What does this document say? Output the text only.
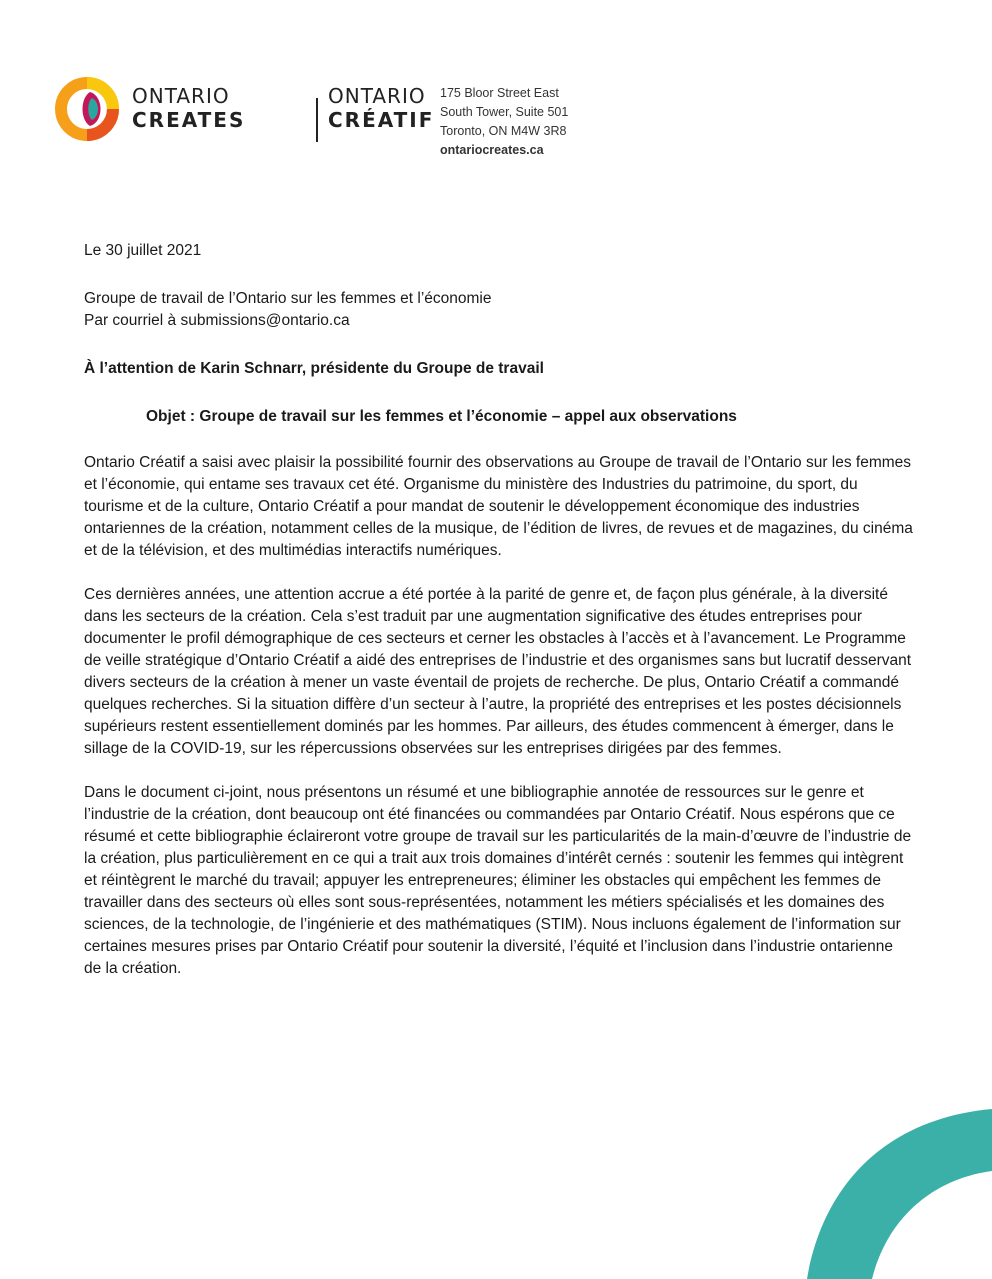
ONTARIO	ONTARIO
CREATES	CRÉATIF
175 Bloor Street East
South Tower, Suite 501
Toronto, ON M4W 3R8
ontariocreates.ca

Le 30 juillet 2021

Groupe de travail de l’Ontario sur les femmes et l’économie
Par courriel à submissions@ontario.ca

À l’attention de Karin Schnarr, présidente du Groupe de travail

Objet : Groupe de travail sur les femmes et l’économie – appel aux observations

Ontario Créatif a saisi avec plaisir la possibilité fournir des observations au Groupe de travail de l’Ontario sur les femmes et l’économie, qui entame ses travaux cet été. Organisme du ministère des Industries du patrimoine, du sport, du tourisme et de la culture, Ontario Créatif a pour mandat de soutenir le développement économique des industries ontariennes de la création, notamment celles de la musique, de l’édition de livres, de revues et de magazines, du cinéma et de la télévision, et des multimédias interactifs numériques.

Ces dernières années, une attention accrue a été portée à la parité de genre et, de façon plus générale, à la diversité dans les secteurs de la création. Cela s’est traduit par une augmentation significative des études entreprises pour documenter le profil démographique de ces secteurs et cerner les obstacles à l’accès et à l’avancement. Le Programme de veille stratégique d’Ontario Créatif a aidé des entreprises de l’industrie et des organismes sans but lucratif desservant divers secteurs de la création à mener un vaste éventail de projets de recherche. De plus, Ontario Créatif a commandé quelques recherches. Si la situation diffère d’un secteur à l’autre, la propriété des entreprises et les postes décisionnels supérieurs restent essentiellement dominés par les hommes. Par ailleurs, des études commencent à émerger, dans le sillage de la COVID-19, sur les répercussions observées sur les entreprises dirigées par des femmes.

Dans le document ci-joint, nous présentons un résumé et une bibliographie annotée de ressources sur le genre et l’industrie de la création, dont beaucoup ont été financées ou commandées par Ontario Créatif. Nous espérons que ce résumé et cette bibliographie éclaireront votre groupe de travail sur les particularités de la main-d’œuvre de l’industrie de la création, plus particulièrement en ce qui a trait aux trois domaines d’intérêt cernés : soutenir les femmes qui intègrent et réintègrent le marché du travail; appuyer les entrepreneures; éliminer les obstacles qui empêchent les femmes de travailler dans des secteurs où elles sont sous-représentées, notamment les métiers spécialisés et les domaines des sciences, de la technologie, de l’ingénierie et des mathématiques (STIM). Nous incluons également de l’information sur certaines mesures prises par Ontario Créatif pour soutenir la diversité, l’équité et l’inclusion dans l’industrie ontarienne de la création.
